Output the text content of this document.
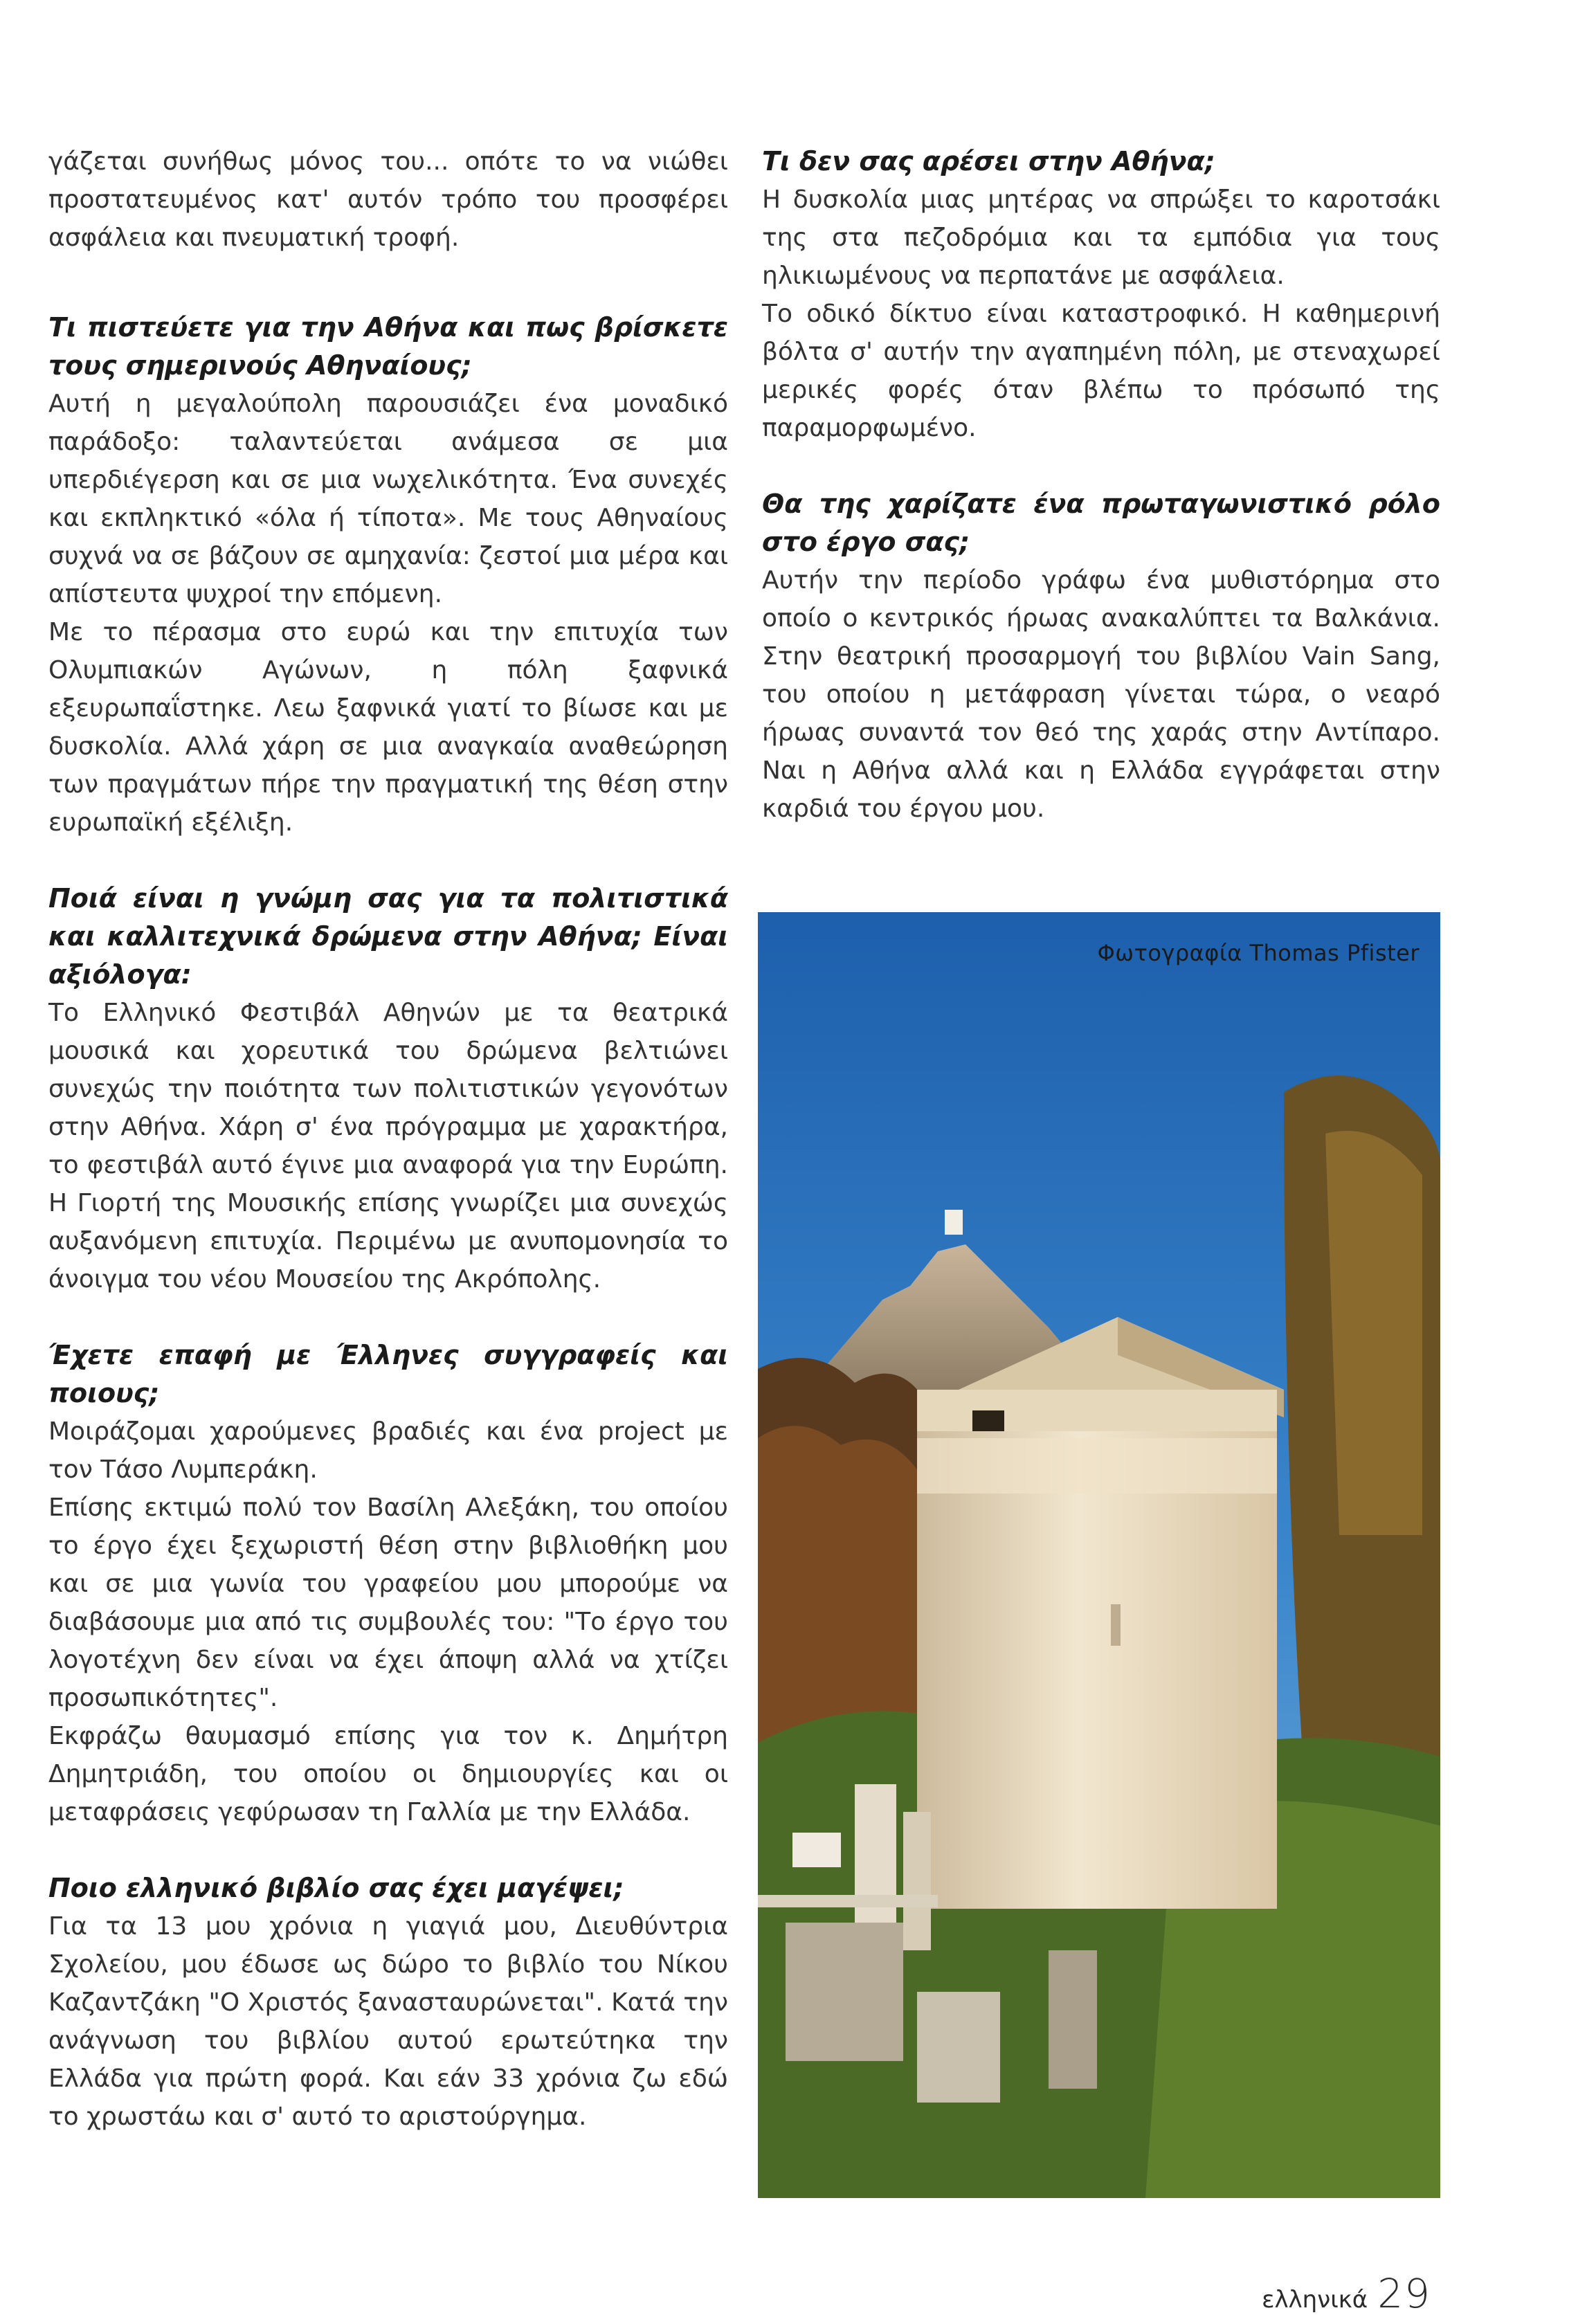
γάζεται συνήθως μόνος του... οπότε το να νιώθει προστατευμένος κατ' αυτόν τρόπο του προσφέρει ασφάλεια και πνευματική τροφή.

Τι πιστεύετε για την Αθήνα και πως βρίσκετε τους σημερινούς Αθηναίους;

Αυτή η μεγαλούπολη παρουσιάζει ένα μοναδικό παράδοξο: ταλαντεύεται ανάμεσα σε μια υπερδιέγερση και σε μια νωχελικότητα. Ένα συνεχές και εκπληκτικό «όλα ή τίποτα». Με τους Αθηναίους συχνά να σε βάζουν σε αμηχανία: ζεστοί μια μέρα και απίστευτα ψυχροί την επόμενη.

Με το πέρασμα στο ευρώ και την επιτυχία των Ολυμπιακών Αγώνων, η πόλη ξαφνικά εξευρωπαΐστηκε. Λεω ξαφνικά γιατί το βίωσε και με δυσκολία. Αλλά χάρη σε μια αναγκαία αναθεώρηση των πραγμάτων πήρε την πραγματική της θέση στην ευρωπαϊκή εξέλιξη.

Ποιά είναι η γνώμη σας για τα πολιτιστικά και καλλιτεχνικά δρώμενα στην Αθήνα; Είναι αξιόλογα:

Το Ελληνικό Φεστιβάλ Αθηνών με τα θεατρικά μουσικά και χορευτικά του δρώμενα βελτιώνει συνεχώς την ποιότητα των πολιτιστικών γεγονότων στην Αθήνα. Χάρη σ' ένα πρόγραμμα με χαρακτήρα, το φεστιβάλ αυτό έγινε μια αναφορά για την Ευρώπη. Η Γιορτή της Μουσικής επίσης γνωρίζει μια συνεχώς αυξανόμενη επιτυχία. Περιμένω με ανυπομονησία το άνοιγμα του νέου Μουσείου της Ακρόπολης.

Έχετε επαφή με Έλληνες συγγραφείς και ποιους;

Μοιράζομαι χαρούμενες βραδιές και ένα project με τον Τάσο Λυμπεράκη.

Επίσης εκτιμώ πολύ τον Βασίλη Αλεξάκη, του οποίου το έργο έχει ξεχωριστή θέση στην βιβλιοθήκη μου και σε μια γωνία του γραφείου μου μπορούμε να διαβάσουμε μια από τις συμβουλές του: "Το έργο του λογοτέχνη δεν είναι να έχει άποψη αλλά να χτίζει προσωπικότητες".

Εκφράζω θαυμασμό επίσης για τον κ. Δημήτρη Δημητριάδη, του οποίου οι δημιουργίες και οι μεταφράσεις γεφύρωσαν τη Γαλλία με την Ελλάδα.

Ποιο ελληνικό βιβλίο σας έχει μαγέψει;

Για τα 13 μου χρόνια η γιαγιά μου, Διευθύντρια Σχολείου, μου έδωσε ως δώρο το βιβλίο του Νίκου Καζαντζάκη "Ο Χριστός ξανασταυρώνεται". Κατά την ανάγνωση του βιβλίου αυτού ερωτεύτηκα την Ελλάδα για πρώτη φορά. Και εάν 33 χρόνια ζω εδώ το χρωστάω και σ' αυτό το αριστούργημα.

Τι δεν σας αρέσει στην Αθήνα;

Η δυσκολία μιας μητέρας να σπρώξει το καροτσάκι της στα πεζοδρόμια και τα εμπόδια για τους ηλικιωμένους να περπατάνε με ασφάλεια.

Το οδικό δίκτυο είναι καταστροφικό. Η καθημερινή βόλτα σ' αυτήν την αγαπημένη πόλη, με στεναχωρεί μερικές φορές όταν βλέπω το πρόσωπό της παραμορφωμένο.

Θα της χαρίζατε ένα πρωταγωνιστικό ρόλο στο έργο σας;

Αυτήν την περίοδο γράφω ένα μυθιστόρημα στο οποίο ο κεντρικός ήρωας ανακαλύπτει τα Βαλκάνια. Στην θεατρική προσαρμογή του βιβλίου Vain Sang, του οποίου η μετάφραση γίνεται τώρα, ο νεαρό ήρωας συναντά τον θεό της χαράς στην Αντίπαρο. Ναι η Αθήνα αλλά και η Ελλάδα εγγράφεται στην καρδιά του έργου μου.

Φωτογραφία Thomas Pfister
ελληνικά 29
